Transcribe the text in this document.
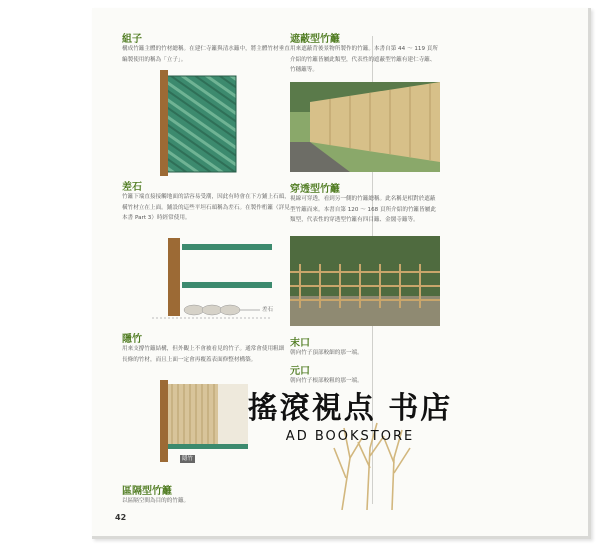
組子
構成竹籬主體的竹材總稱。在建仁寺籬與清水籬中，將主體竹材垂直編製使用的稱為「立子」。
差石
竹籬下端直接接觸地面的話容易受潮，因此有時會在下方鋪上石頭，橫竹材立在上面。鋪設的這些平坦石頭稱為差石。在製作桁籬（詳見本書 Part 3）時經常使用。
差石
隱竹
用來支撐竹籬結構，但外觀上不會被看見的竹子。通常會使用粗細長條的竹材，而且上面一定會再覆蓋表面修整材構築。
隱竹
區隔型竹籬
以區隔空間為目的的竹籬。
42
遮蔽型竹籬
用來遮蔽背後景物所製作的竹籬。本書自第 44 ～ 119 頁所介紹的竹籬皆屬此類型，代表性的遮蔽型竹籬有建仁寺籬、竹穗籬等。
穿透型竹籬
視線可穿透，看到另一側的竹籬總稱。此名稱是相對於遮蔽型竹籬而來。本書自第 120 ～ 168 頁所介紹的竹籬皆屬此類型，代表性的穿透型竹籬有四目籬、金閣寺籬等。
末口
朝向竹子頂部較細的那一端。
元口
朝向竹子根部較粗的那一端。
搖滾視点 书店
AD BOOKSTORE
